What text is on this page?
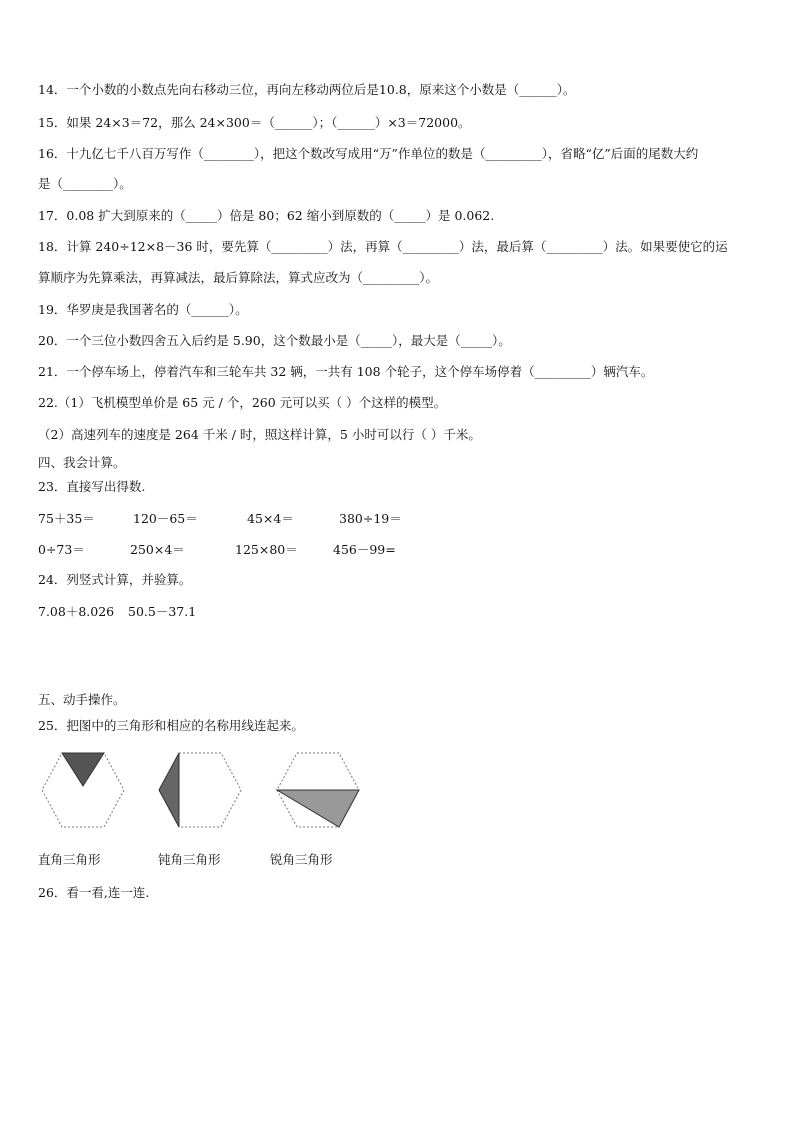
14．一个小数的小数点先向右移动三位，再向左移动两位后是10.8，原来这个小数是（______）。
15．如果 24×3＝72，那么 24×300＝（______）；（______）×3＝72000。
16．十九亿七千八百万写作（________），把这个数改写成用“万”作单位的数是（_________），省略“亿”后面的尾数大约
是（________）。
17．0.08 扩大到原来的（_____）倍是 80；62 缩小到原数的（_____）是 0.062.
18．计算 240÷12×8－36 时，要先算（_________）法，再算（_________）法，最后算（_________）法。如果要使它的运
算顺序为先算乘法，再算减法，最后算除法，算式应改为（_________）。
19．华罗庚是我国著名的（______）。
20．一个三位小数四舍五入后约是 5.90，这个数最小是（_____），最大是（_____）。
21．一个停车场上，停着汽车和三轮车共 32 辆，一共有 108 个轮子，这个停车场停着（_________）辆汽车。
22.（1）飞机模型单价是 65 元 / 个，260 元可以买（ ）个这样的模型。
（2）高速列车的速度是 264 千米 / 时，照这样计算，5 小时可以行（ ）千米。
四、我会计算。
23．直接写出得数.
75＋35＝	120－65＝	45×4＝	380÷19＝
0÷73＝	250×4＝	125×80＝	456－99=
24．列竖式计算，并验算。
7.08＋8.026 50.5－37.1
五、动手操作。
25．把图中的三角形和相应的名称用线连起来。
直角三角形	钝角三角形	锐角三角形
26．看一看,连一连.
